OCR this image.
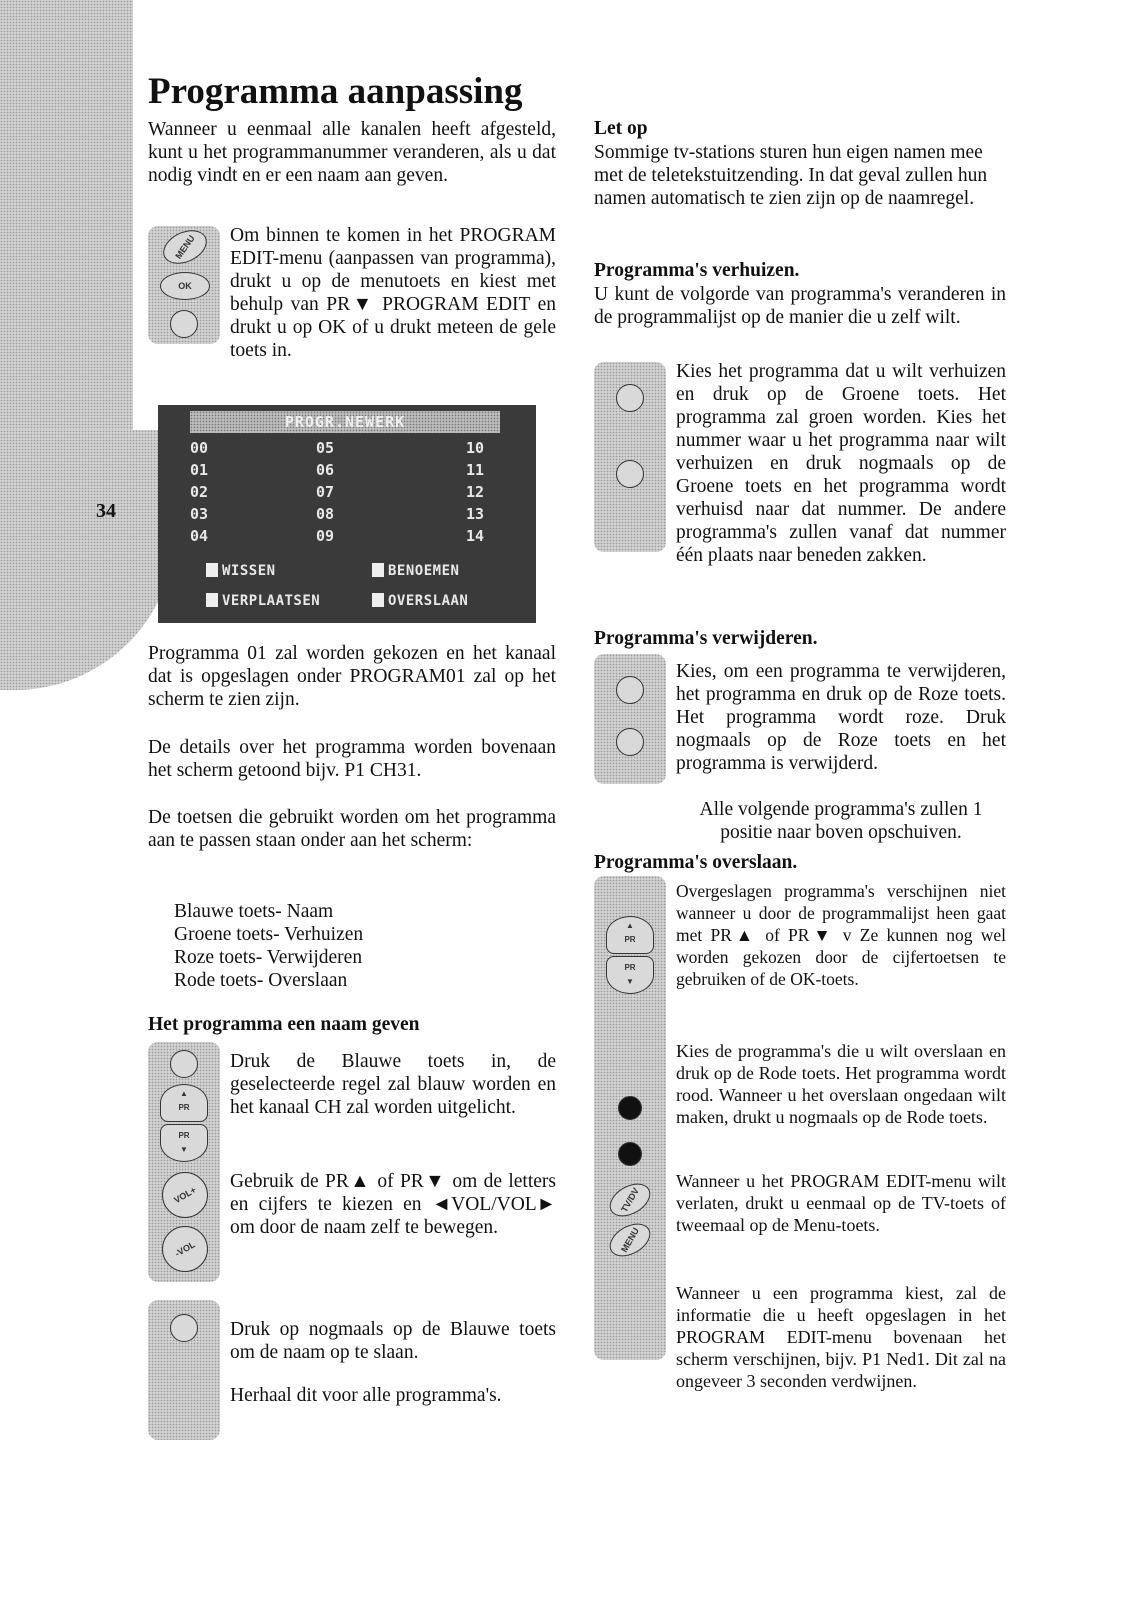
34
Programma aanpassing

Wanneer u eenmaal alle kanalen heeft afgesteld, kunt u het programmanummer veranderen, als u dat nodig vindt en er een naam aan geven.

MENU
OK

Om binnen te komen in het PROGRAM EDIT-menu (aanpassen van programma), drukt u op de menutoets en kiest met behulp van PR▼ PROGRAM EDIT en drukt u op OK of u drukt meteen de gele toets in.

PROGR.NEWERK
00
01
02
03
04
05
06
07
08
09
10
11
12
13
14
WISSEN	BENOEMEN
VERPLAATSEN	OVERSLAAN

Programma 01 zal worden gekozen en het kanaal dat is opgeslagen onder PROGRAM01 zal op het scherm te zien zijn.

De details over het programma worden bovenaan het scherm getoond bijv. P1 CH31.

De toetsen die gebruikt worden om het programma aan te passen staan onder aan het scherm:

Blauwe toets- Naam
Groene toets- Verhuizen
Roze toets- Verwijderen
Rode toets- Overslaan
Het programma een naam geven
▲
PR
PR
▼
VOL+
-VOL

Druk de Blauwe toets in, de geselecteerde regel zal blauw worden en het kanaal CH zal worden uitgelicht.

Gebruik de PR▲ of PR▼ om de letters en cijfers te kiezen en ◄VOL/VOL► om door de naam zelf te bewegen.

Druk op nogmaals op de Blauwe toets om de naam op te slaan.

Herhaal dit voor alle programma's.

Let op

Sommige tv-stations sturen hun eigen namen mee met de teletekstuitzending. In dat geval zullen hun namen automatisch te zien zijn op de naamregel.

Programma's verhuizen.

U kunt de volgorde van programma's veranderen in de programmalijst op de manier die u zelf wilt.

Kies het programma dat u wilt verhuizen en druk op de Groene toets. Het programma zal groen worden. Kies het nummer waar u het programma naar wilt verhuizen en druk nogmaals op de Groene toets en het programma wordt verhuisd naar dat nummer. De andere programma's zullen vanaf dat nummer één plaats naar beneden zakken.

Programma's verwijderen.

Kies, om een programma te verwijderen, het programma en druk op de Roze toets. Het programma wordt roze. Druk nogmaals op de Roze toets en het programma is verwijderd.

Alle volgende programma's zullen 1 positie naar boven opschuiven.

Programma's overslaan.
▲
PR
PR
▼
TV/DV
MENU

Overgeslagen programma's verschijnen niet wanneer u door de programmalijst heen gaat met PR▲ of PR▼ v Ze kunnen nog wel worden gekozen door de cijfertoetsen te gebruiken of de OK-toets.

Kies de programma's die u wilt overslaan en druk op de Rode toets. Het programma wordt rood. Wanneer u het overslaan ongedaan wilt maken, drukt u nogmaals op de Rode toets.

Wanneer u het PROGRAM EDIT-menu wilt verlaten, drukt u eenmaal op de TV-toets of tweemaal op de Menu-toets.

Wanneer u een programma kiest, zal de informatie die u heeft opgeslagen in het PROGRAM EDIT-menu bovenaan het scherm verschijnen, bijv. P1 Ned1. Dit zal na ongeveer 3 seconden verdwijnen.
